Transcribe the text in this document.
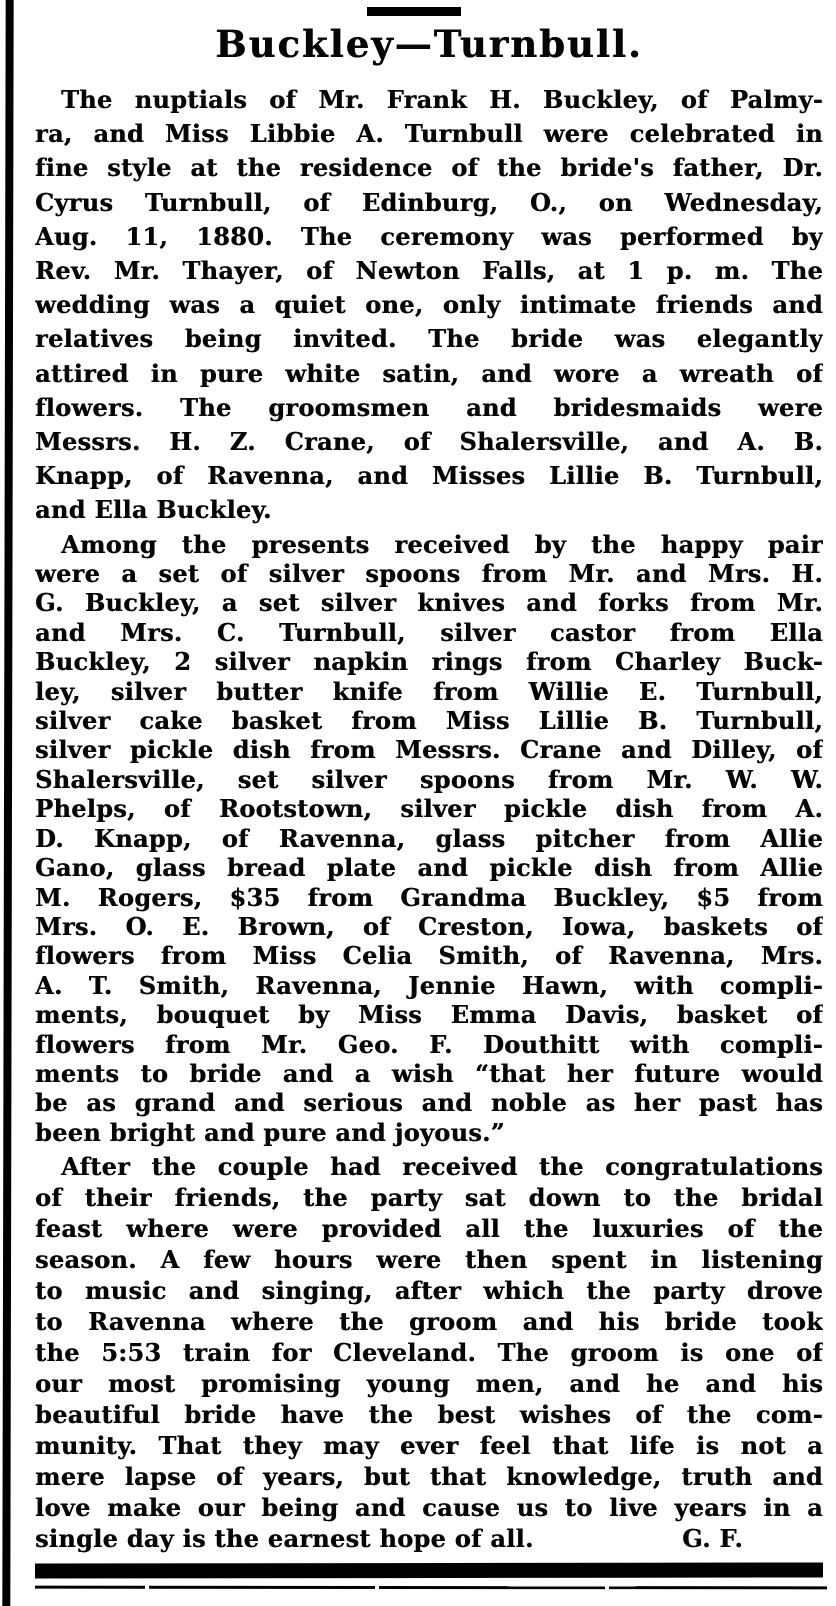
Buckley—Turnbull.
The nuptials of Mr. Frank H. Buckley, of Palmy-
ra, and Miss Libbie A. Turnbull were celebrated in
fine style at the residence of the bride's father, Dr.
Cyrus Turnbull, of Edinburg, O., on Wednesday,
Aug. 11, 1880. The ceremony was performed by
Rev. Mr. Thayer, of Newton Falls, at 1 p. m. The
wedding was a quiet one, only intimate friends and
relatives being invited. The bride was elegantly
attired in pure white satin, and wore a wreath of
flowers. The groomsmen and bridesmaids were
Messrs. H. Z. Crane, of Shalersville, and A. B.
Knapp, of Ravenna, and Misses Lillie B. Turnbull,
and Ella Buckley.
Among the presents received by the happy pair
were a set of silver spoons from Mr. and Mrs. H.
G. Buckley, a set silver knives and forks from Mr.
and Mrs. C. Turnbull, silver castor from Ella
Buckley, 2 silver napkin rings from Charley Buck-
ley, silver butter knife from Willie E. Turnbull,
silver cake basket from Miss Lillie B. Turnbull,
silver pickle dish from Messrs. Crane and Dilley, of
Shalersville, set silver spoons from Mr. W. W.
Phelps, of Rootstown, silver pickle dish from A.
D. Knapp, of Ravenna, glass pitcher from Allie
Gano, glass bread plate and pickle dish from Allie
M. Rogers, $35 from Grandma Buckley, $5 from
Mrs. O. E. Brown, of Creston, Iowa, baskets of
flowers from Miss Celia Smith, of Ravenna, Mrs.
A. T. Smith, Ravenna, Jennie Hawn, with compli-
ments, bouquet by Miss Emma Davis, basket of
flowers from Mr. Geo. F. Douthitt with compli-
ments to bride and a wish “that her future would
be as grand and serious and noble as her past has
been bright and pure and joyous.”
After the couple had received the congratulations
of their friends, the party sat down to the bridal
feast where were provided all the luxuries of the
season. A few hours were then spent in listening
to music and singing, after which the party drove
to Ravenna where the groom and his bride took
the 5:53 train for Cleveland. The groom is one of
our most promising young men, and he and his
beautiful bride have the best wishes of the com-
munity. That they may ever feel that life is not a
mere lapse of years, but that knowledge, truth and
love make our being and cause us to live years in a
single day is the earnest hope of all.	G. F.
